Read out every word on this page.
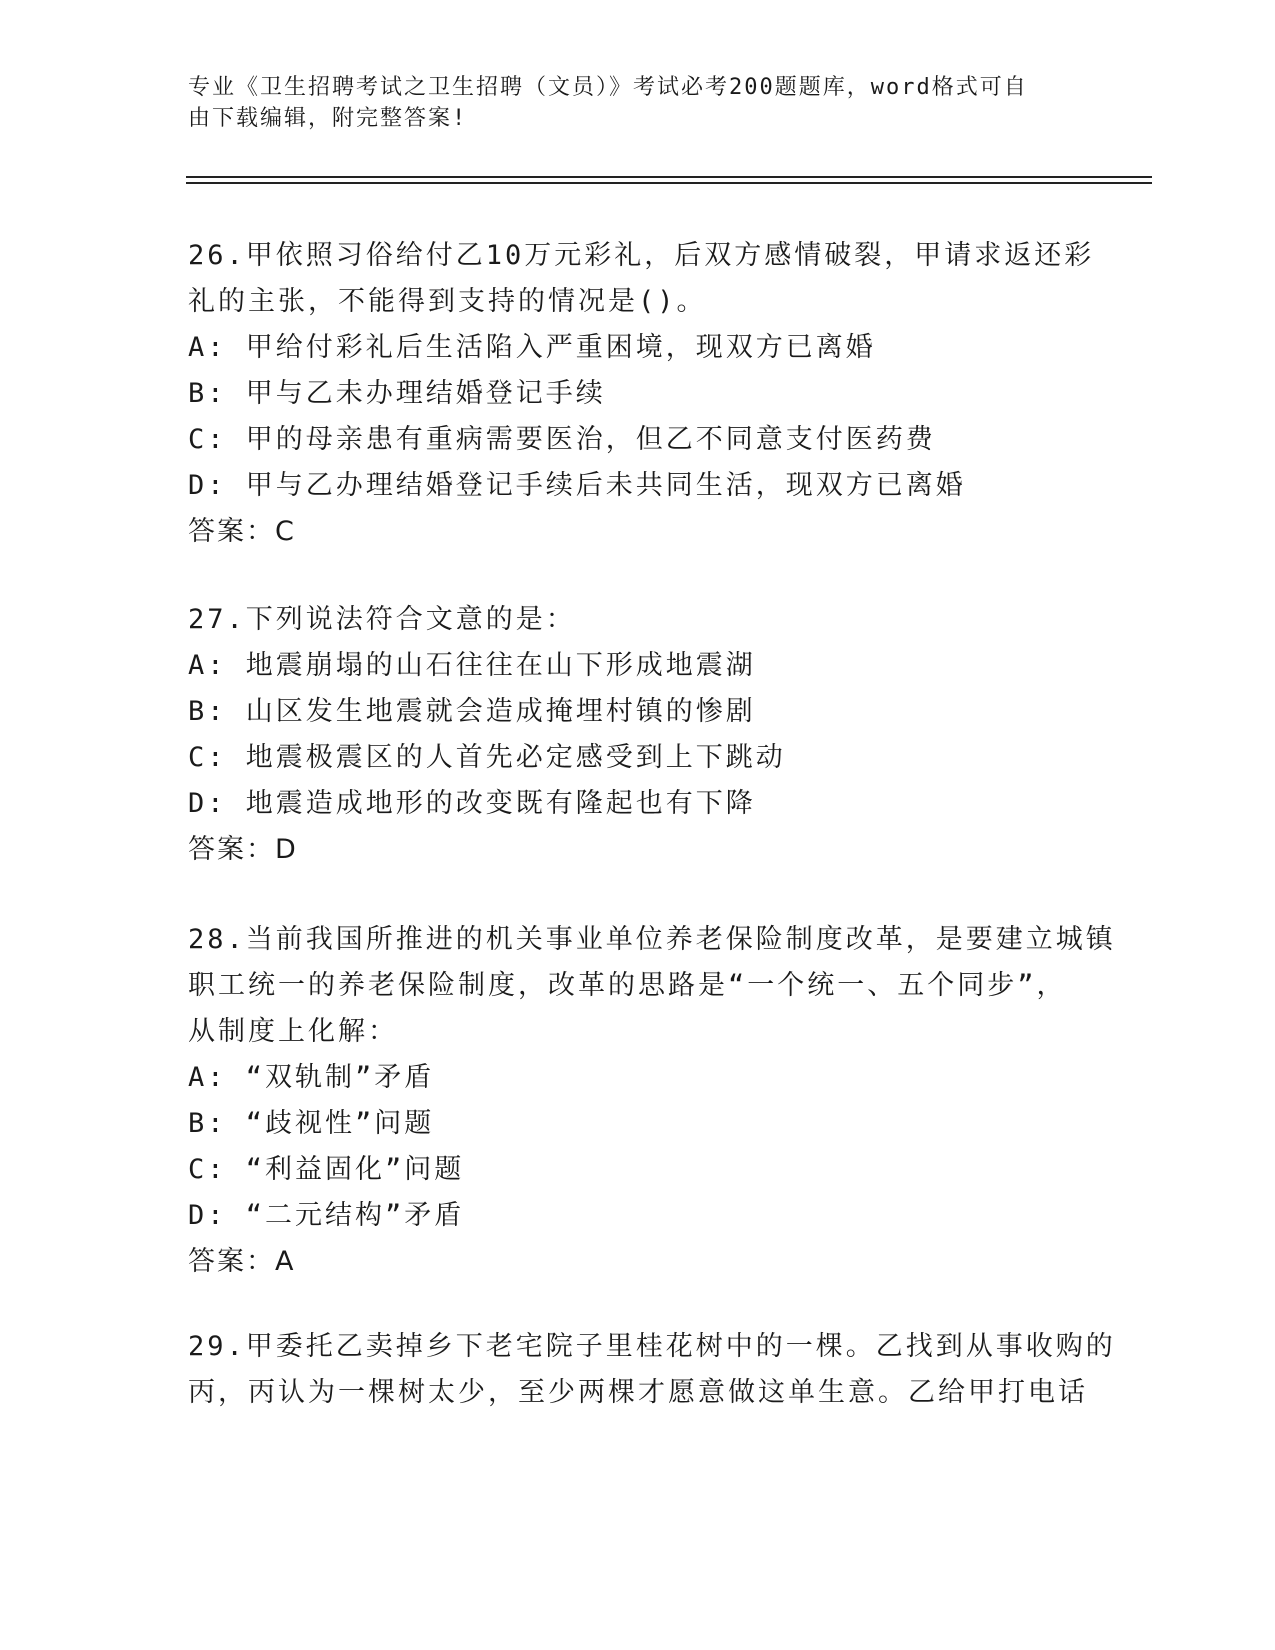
专业《卫生招聘考试之卫生招聘（文员）》考试必考200题题库，word格式可自
由下载编辑，附完整答案!
26.甲依照习俗给付乙10万元彩礼，后双方感情破裂，甲请求返还彩
礼的主张，不能得到支持的情况是()。
A: 甲给付彩礼后生活陷入严重困境，现双方已离婚
B: 甲与乙未办理结婚登记手续
C: 甲的母亲患有重病需要医治，但乙不同意支付医药费
D: 甲与乙办理结婚登记手续后未共同生活，现双方已离婚
答案：C
27.下列说法符合文意的是：
A: 地震崩塌的山石往往在山下形成地震湖
B: 山区发生地震就会造成掩埋村镇的惨剧
C: 地震极震区的人首先必定感受到上下跳动
D: 地震造成地形的改变既有隆起也有下降
答案：D
28.当前我国所推进的机关事业单位养老保险制度改革，是要建立城镇
职工统一的养老保险制度，改革的思路是“一个统一、五个同步”，
从制度上化解：
A: “双轨制”矛盾
B: “歧视性”问题
C: “利益固化”问题
D: “二元结构”矛盾
答案：A
29.甲委托乙卖掉乡下老宅院子里桂花树中的一棵。乙找到从事收购的
丙，丙认为一棵树太少，至少两棵才愿意做这单生意。乙给甲打电话
